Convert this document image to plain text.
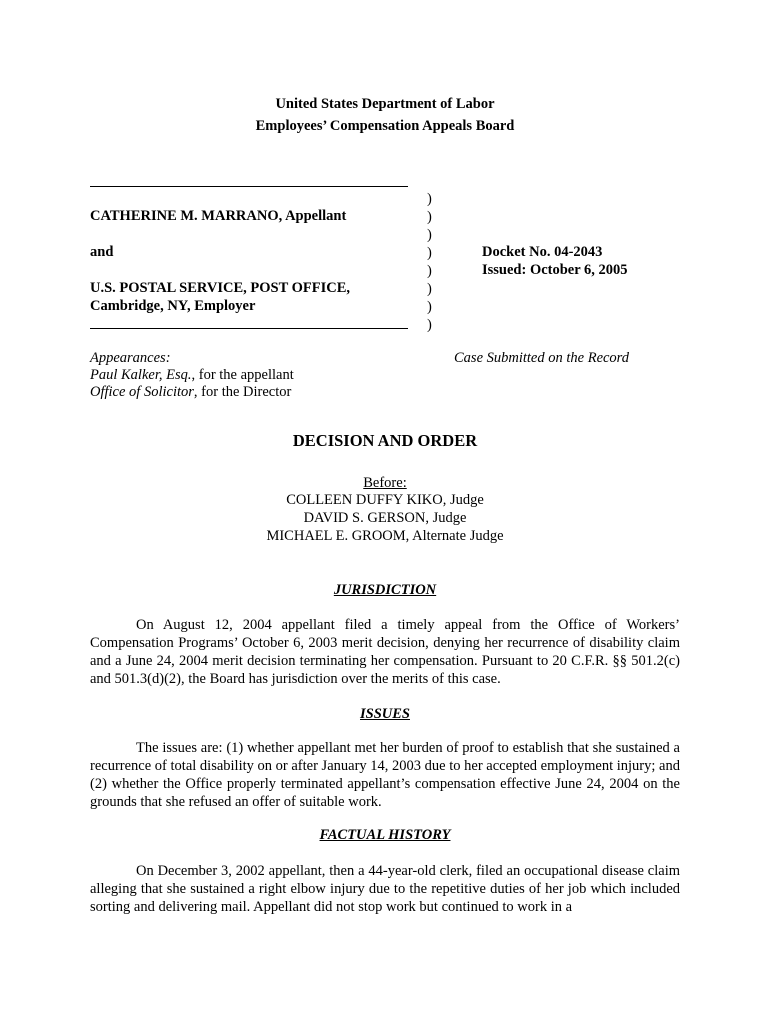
United States Department of Labor
Employees’ Compensation Appeals Board
CATHERINE M. MARRANO, Appellant
and
U.S. POSTAL SERVICE, POST OFFICE,
Cambridge, NY, Employer
)
)
)
)
)
)
)
)
Docket No. 04-2043
Issued: October 6, 2005
Appearances:
Paul Kalker, Esq., for the appellant
Office of Solicitor, for the Director
Case Submitted on the Record
DECISION AND ORDER
Before:
COLLEEN DUFFY KIKO, Judge
DAVID S. GERSON, Judge
MICHAEL E. GROOM, Alternate Judge
JURISDICTION
On August 12, 2004 appellant filed a timely appeal from the Office of Workers’ Compensation Programs’ October 6, 2003 merit decision, denying her recurrence of disability claim and a June 24, 2004 merit decision terminating her compensation. Pursuant to 20 C.F.R. §§ 501.2(c) and 501.3(d)(2), the Board has jurisdiction over the merits of this case.
ISSUES
The issues are: (1) whether appellant met her burden of proof to establish that she sustained a recurrence of total disability on or after January 14, 2003 due to her accepted employment injury; and (2) whether the Office properly terminated appellant’s compensation effective June 24, 2004 on the grounds that she refused an offer of suitable work.
FACTUAL HISTORY
On December 3, 2002 appellant, then a 44-year-old clerk, filed an occupational disease claim alleging that she sustained a right elbow injury due to the repetitive duties of her job which included sorting and delivering mail. Appellant did not stop work but continued to work in a
